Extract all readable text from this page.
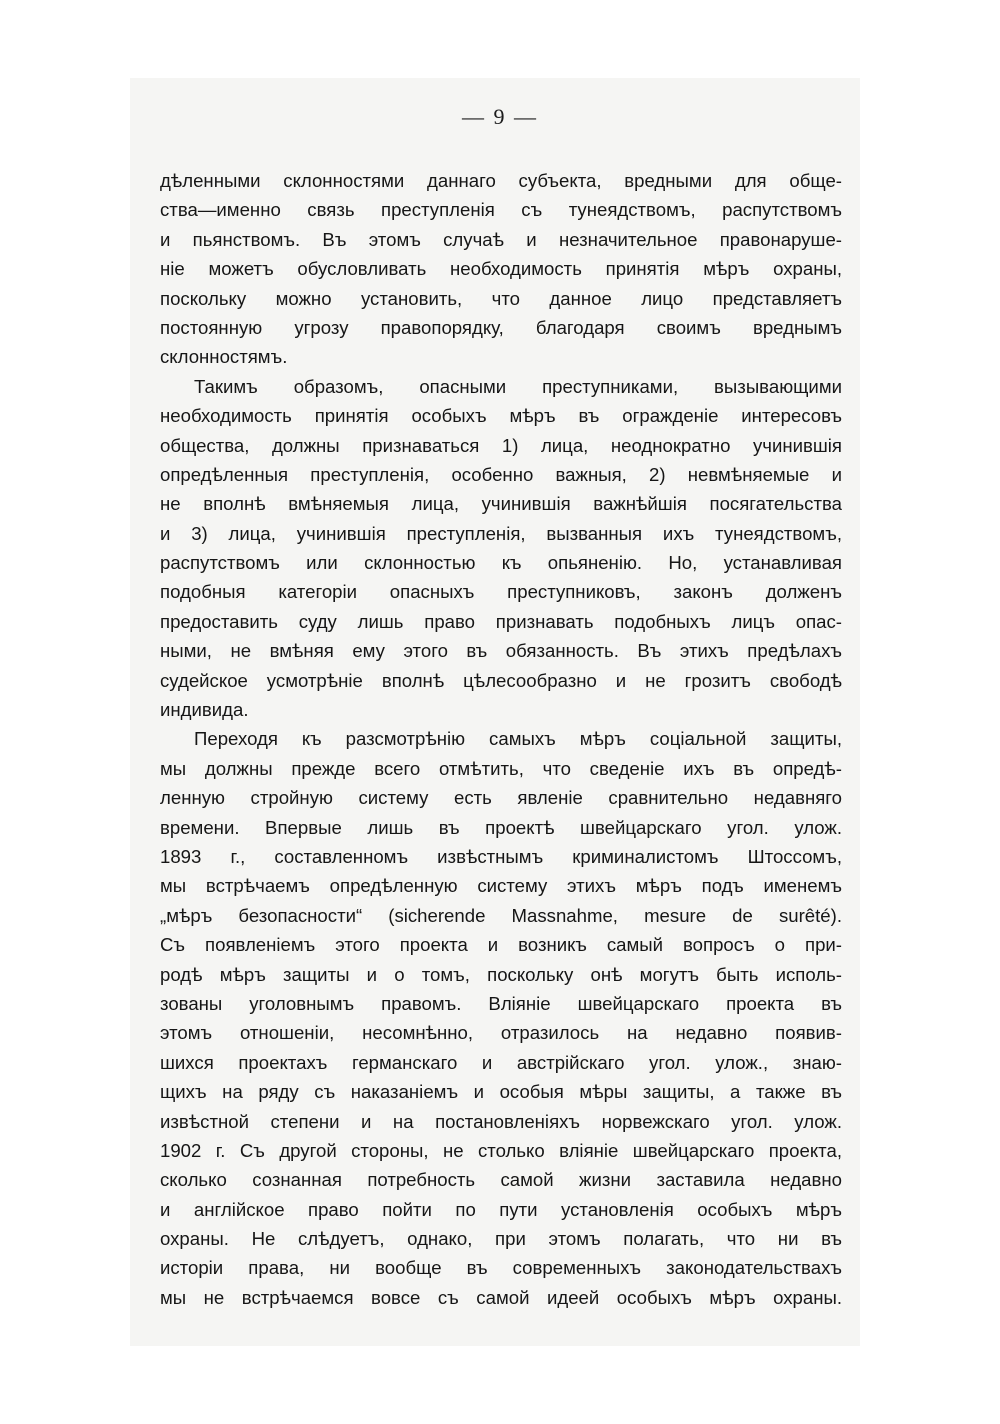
— 9 —
дѣленными склонностями даннаго субъекта, вредными для обще-
ства—именно связь преступленія съ тунеядствомъ, распутствомъ
и пьянствомъ. Въ этомъ случаѣ и незначительное правонаруше-
ніе можетъ обусловливать необходимость принятія мѣръ охраны,
поскольку можно установить, что данное лицо представляетъ
постоянную угрозу правопорядку, благодаря своимъ вреднымъ
склонностямъ.
Такимъ образомъ, опасными преступниками, вызывающими
необходимость принятія особыхъ мѣръ въ огражденіе интересовъ
общества, должны признаваться 1) лица, неоднократно учинившія
опредѣленныя преступленія, особенно важныя, 2) невмѣняемые и
не вполнѣ вмѣняемыя лица, учинившія важнѣйшія посягательства
и 3) лица, учинившія преступленія, вызванныя ихъ тунеядствомъ,
распутствомъ или склонностью къ опьяненію. Но, устанавливая
подобныя категоріи опасныхъ преступниковъ, законъ долженъ
предоставить суду лишь право признавать подобныхъ лицъ опас-
ными, не вмѣняя ему этого въ обязанность. Въ этихъ предѣлахъ
судейское усмотрѣніе вполнѣ цѣлесообразно и не грозитъ свободѣ
индивида.
Переходя къ разсмотрѣнію самыхъ мѣръ соціальной защиты,
мы должны прежде всего отмѣтить, что сведеніе ихъ въ опредѣ-
ленную стройную систему есть явленіе сравнительно недавняго
времени. Впервые лишь въ проектѣ швейцарскаго угол. улож.
1893 г., составленномъ извѣстнымъ криминалистомъ Штоссомъ,
мы встрѣчаемъ опредѣленную систему этихъ мѣръ подъ именемъ
„мѣръ безопасности“ (sicherende Massnahme, mesure de surêté).
Съ появленіемъ этого проекта и возникъ самый вопросъ о при-
родѣ мѣръ защиты и о томъ, поскольку онѣ могутъ быть исполь-
зованы уголовнымъ правомъ. Вліяніе швейцарскаго проекта въ
этомъ отношеніи, несомнѣнно, отразилось на недавно появив-
шихся проектахъ германскаго и австрійскаго угол. улож., знаю-
щихъ на ряду съ наказаніемъ и особыя мѣры защиты, а также въ
извѣстной степени и на постановленіяхъ норвежскаго угол. улож.
1902 г. Съ другой стороны, не столько вліяніе швейцарскаго проекта,
сколько сознанная потребность самой жизни заставила недавно
и англійское право пойти по пути установленія особыхъ мѣръ
охраны. Не слѣдуетъ, однако, при этомъ полагать, что ни въ
исторіи права, ни вообще въ современныхъ законодательствахъ
мы не встрѣчаемся вовсе съ самой идеей особыхъ мѣръ охраны.
